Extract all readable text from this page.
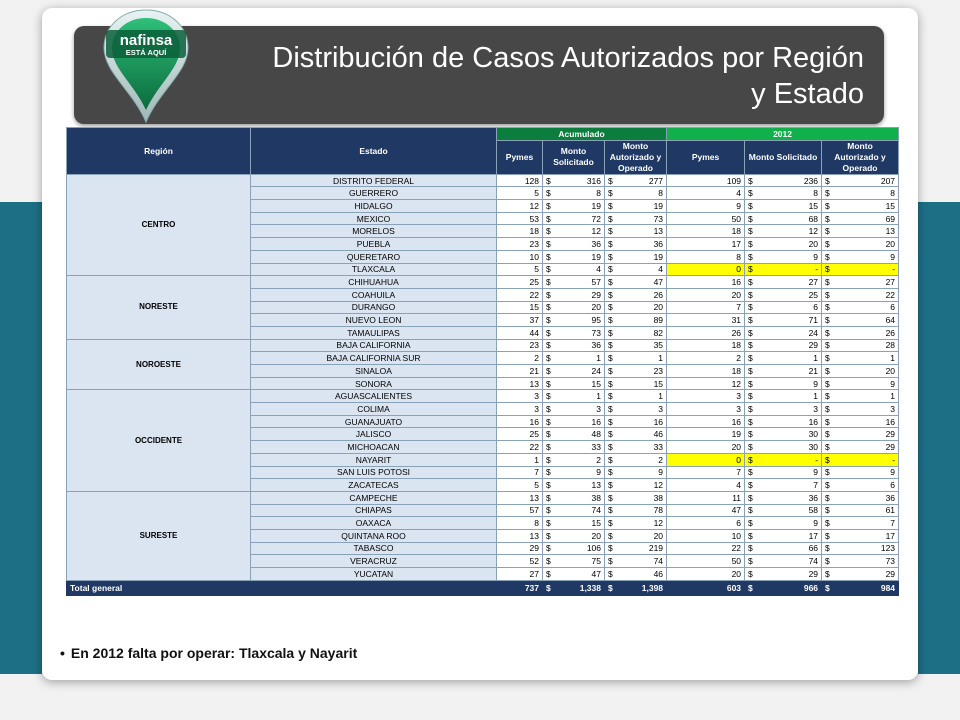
Distribución de Casos Autorizados por Región y Estado
nafinsa
ESTÁ AQUÍ
Región	Estado	Acumulado			2012		
		Pymes	Monto Solicitado	Monto Autorizado y Operado	Pymes	Monto Solicitado	Monto Autorizado y Operado

CENTRO	DISTRITO FEDERAL	128	$ 316	$ 277	109	$ 236	$ 207

	GUERRERO	5	$ 8	$ 8	4	$ 8	$ 8

	HIDALGO	12	$ 19	$ 19	9	$ 15	$ 15

	MEXICO	53	$ 72	$ 73	50	$ 68	$ 69

	MORELOS	18	$ 12	$ 13	18	$ 12	$ 13

	PUEBLA	23	$ 36	$ 36	17	$ 20	$ 20

	QUERETARO	10	$ 19	$ 19	8	$ 9	$ 9

	TLAXCALA	5	$ 4	$ 4	0	$ -	$ -

NORESTE	CHIHUAHUA	25	$ 57	$ 47	16	$ 27	$ 27

	COAHUILA	22	$ 29	$ 26	20	$ 25	$ 22

	DURANGO	15	$ 20	$ 20	7	$ 6	$ 6

	NUEVO LEON	37	$ 95	$ 89	31	$ 71	$ 64

	TAMAULIPAS	44	$ 73	$ 82	26	$ 24	$ 26

NOROESTE	BAJA CALIFORNIA	23	$ 36	$ 35	18	$ 29	$ 28

	BAJA CALIFORNIA SUR	2	$ 1	$ 1	2	$ 1	$ 1

	SINALOA	21	$ 24	$ 23	18	$ 21	$ 20

	SONORA	13	$ 15	$ 15	12	$ 9	$ 9

OCCIDENTE	AGUASCALIENTES	3	$ 1	$ 1	3	$ 1	$ 1

	COLIMA	3	$ 3	$ 3	3	$ 3	$ 3

	GUANAJUATO	16	$ 16	$ 16	16	$ 16	$ 16

	JALISCO	25	$ 48	$ 46	19	$ 30	$ 29

	MICHOACAN	22	$ 33	$ 33	20	$ 30	$ 29

	NAYARIT	1	$ 2	$ 2	0	$ -	$ -

	SAN LUIS POTOSI	7	$ 9	$ 9	7	$ 9	$ 9

	ZACATECAS	5	$ 13	$ 12	4	$ 7	$ 6

SURESTE	CAMPECHE	13	$ 38	$ 38	11	$ 36	$ 36

	CHIAPAS	57	$ 74	$ 78	47	$ 58	$ 61

	OAXACA	8	$ 15	$ 12	6	$ 9	$ 7

	QUINTANA ROO	13	$ 20	$ 20	10	$ 17	$ 17

	TABASCO	29	$ 106	$ 219	22	$ 66	$ 123

	VERACRUZ	52	$ 75	$ 74	50	$ 74	$ 73

	YUCATAN	27	$ 47	$ 46	20	$ 29	$ 29

Total general		737	$ 1,338	$ 1,398	603	$ 966	$ 984
• En 2012 falta por operar: Tlaxcala y Nayarit
